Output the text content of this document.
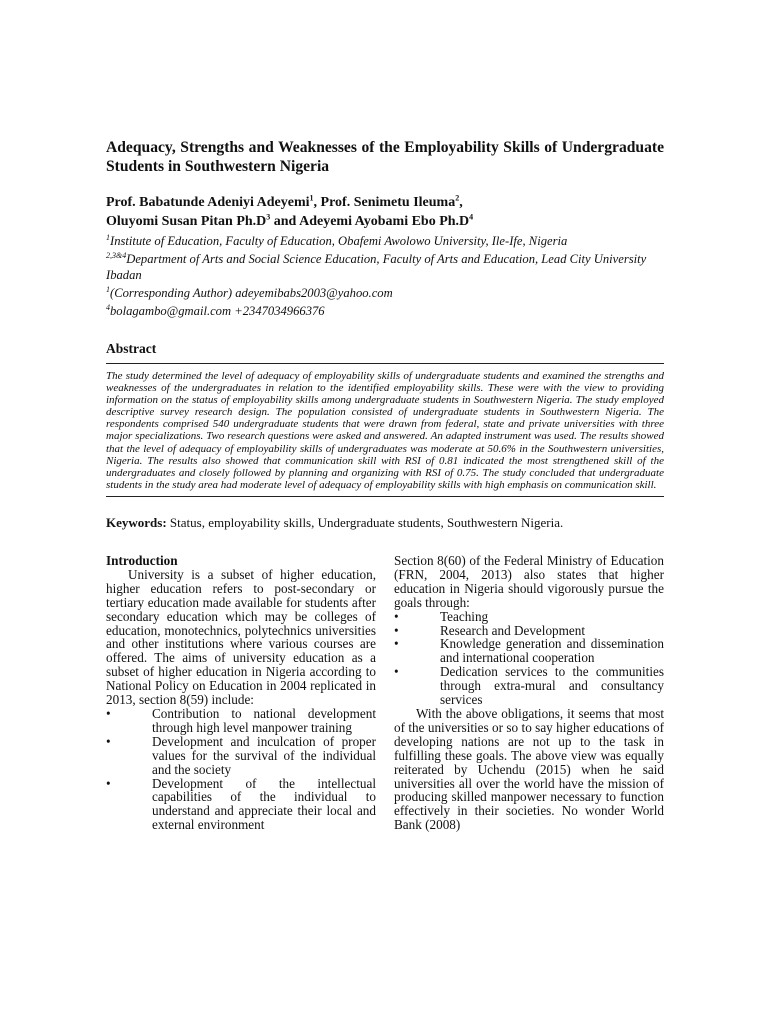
Adequacy, Strengths and Weaknesses of the Employability Skills of Undergraduate Students in Southwestern Nigeria
Prof. Babatunde Adeniyi Adeyemi$^1$, Prof. Senimetu Ileuma$^2$,
Oluyomi Susan Pitan $Ph.D^3$ and Adeyemi Ayobami Ebo $Ph.D^4$
$^1$Institute of Education, Faculty of Education, Obafemi Awolowo University, Ile-Ife, Nigeria
$^{2,3\&4}$Department of Arts and Social Science Education, Faculty of Arts and Education, Lead City University Ibadan
$^1$(Corresponding Author) adeyemibabs2003@yahoo.com
$^4$bolagambo@gmail.com +2347034966376
Abstract

The study determined the level of adequacy of employability skills of undergraduate students and examined the strengths and weaknesses of the undergraduates in relation to the identified employability skills. These were with the view to providing information on the status of employability skills among undergraduate students in Southwestern Nigeria. The study employed descriptive survey research design. The population consisted of undergraduate students in Southwestern Nigeria. The respondents comprised 540 undergraduate students that were drawn from federal, state and private universities with three major specializations. Two research questions were asked and answered. An adapted instrument was used. The results showed that the level of adequacy of employability skills of undergraduates was moderate at 50.6% in the Southwestern universities, Nigeria. The results also showed that communication skill with RSI of 0.81 indicated the most strengthened skill of the undergraduates and closely followed by planning and organizing with RSI of 0.75. The study concluded that undergraduate students in the study area had moderate level of adequacy of employability skills with high emphasis on communication skill.

Keywords: Status, employability skills, Undergraduate students, Southwestern Nigeria.

Introduction

University is a subset of higher education, higher education refers to post-secondary or tertiary education made available for students after secondary education which may be colleges of education, monotechnics, polytechnics universities and other institutions where various courses are offered. The aims of university education as a subset of higher education in Nigeria according to National Policy on Education in 2004 replicated in 2013, section 8(59) include:

•	Contribution to national development through high level manpower training
•	Development and inculcation of proper values for the survival of the individual and the society
•	Development of the intellectual capabilities of the individual to understand and appreciate their local and external environment

Section 8(60) of the Federal Ministry of Education (FRN, 2004, 2013) also states that higher education in Nigeria should vigorously pursue the goals through:

•	Teaching
•	Research and Development
•	Knowledge generation and dissemination and international cooperation
•	Dedication services to the communities through extra-mural and consultancy services

With the above obligations, it seems that most of the universities or so to say higher educations of developing nations are not up to the task in fulfilling these goals. The above view was equally reiterated by Uchendu (2015) when he said universities all over the world have the mission of producing skilled manpower necessary to function effectively in their societies. No wonder World Bank (2008)
